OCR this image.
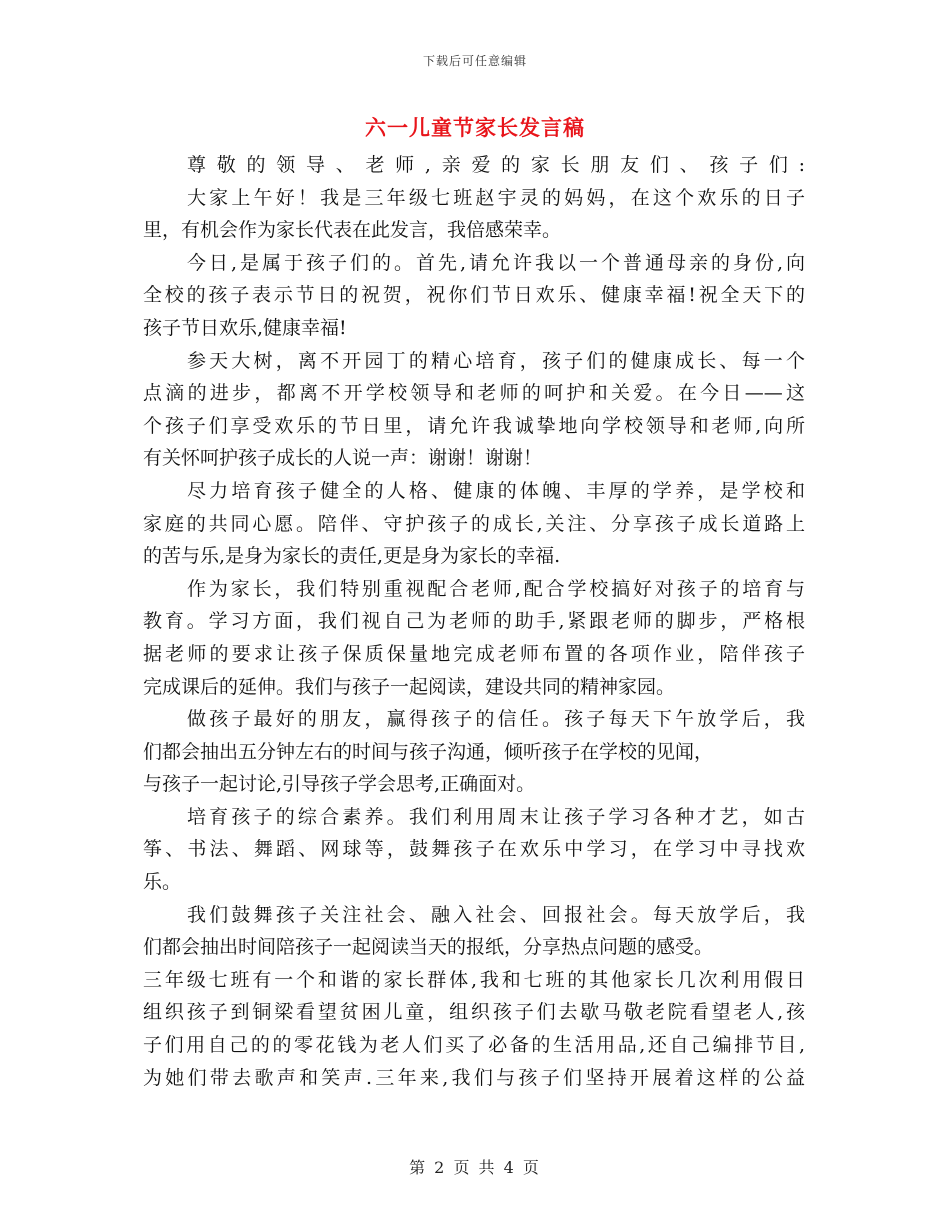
下载后可任意编辑
六一儿童节家长发言稿
尊敬的领导、老师,亲爱的家长朋友们、孩子们:
大家上午好！我是三年级七班赵宇灵的妈妈，在这个欢乐的日子
里，有机会作为家长代表在此发言，我倍感荣幸。
今日,是属于孩子们的。首先,请允许我以一个普通母亲的身份,向
全校的孩子表示节日的祝贺，祝你们节日欢乐、健康幸福!祝全天下的
孩子节日欢乐,健康幸福!
参天大树，离不开园丁的精心培育，孩子们的健康成长、每一个
点滴的进步，都离不开学校领导和老师的呵护和关爱。在今日——这
个孩子们享受欢乐的节日里，请允许我诚挚地向学校领导和老师,向所
有关怀呵护孩子成长的人说一声：谢谢！谢谢！
尽力培育孩子健全的人格、健康的体魄、丰厚的学养，是学校和
家庭的共同心愿。陪伴、守护孩子的成长,关注、分享孩子成长道路上
的苦与乐,是身为家长的责任,更是身为家长的幸福.
作为家长，我们特别重视配合老师,配合学校搞好对孩子的培育与
教育。学习方面，我们视自己为老师的助手,紧跟老师的脚步，严格根
据老师的要求让孩子保质保量地完成老师布置的各项作业，陪伴孩子
完成课后的延伸。我们与孩子一起阅读，建设共同的精神家园。
做孩子最好的朋友，赢得孩子的信任。孩子每天下午放学后，我
们都会抽出五分钟左右的时间与孩子沟通，倾听孩子在学校的见闻，
与孩子一起讨论,引导孩子学会思考,正确面对。
培育孩子的综合素养。我们利用周末让孩子学习各种才艺，如古
筝、书法、舞蹈、网球等，鼓舞孩子在欢乐中学习，在学习中寻找欢
乐。
我们鼓舞孩子关注社会、融入社会、回报社会。每天放学后，我
们都会抽出时间陪孩子一起阅读当天的报纸，分享热点问题的感受。
三年级七班有一个和谐的家长群体,我和七班的其他家长几次利用假日
组织孩子到铜梁看望贫困儿童，组织孩子们去歇马敬老院看望老人,孩
子们用自己的的零花钱为老人们买了必备的生活用品,还自己编排节目,
为她们带去歌声和笑声.三年来,我们与孩子们坚持开展着这样的公益
第 2 页 共 4 页
